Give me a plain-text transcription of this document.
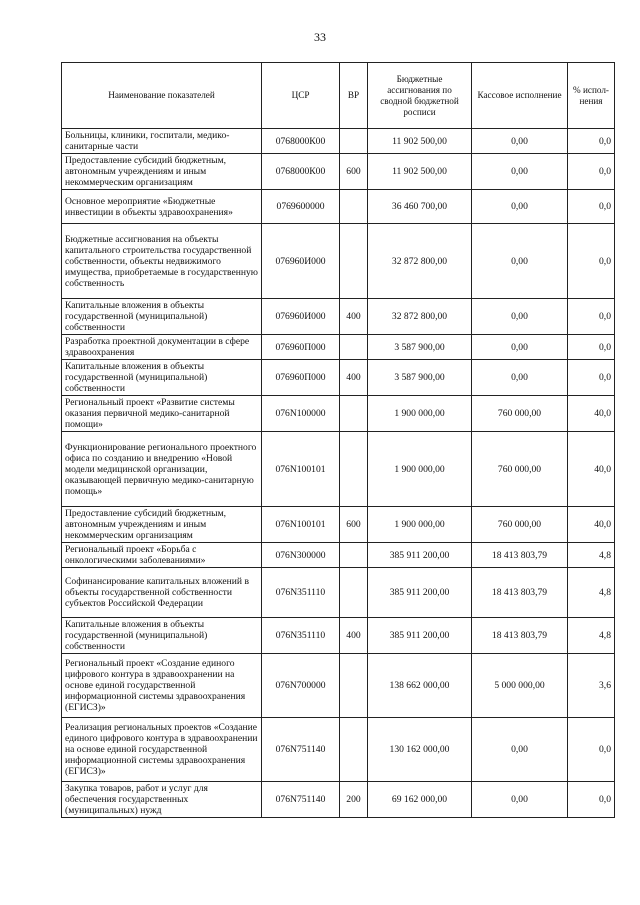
33
Наименование показателей	ЦСР	ВР	Бюджетные ассигнования по сводной бюджетной росписи	Кассовое исполнение	% испол-нения
Больницы, клиники, госпитали, медико-санитарные части	0768000К00		11 902 500,00	0,00	0,0
Предоставление субсидий бюджетным, автономным учреждениям и иным некоммерческим организациям	0768000К00	600	11 902 500,00	0,00	0,0
Основное мероприятие «Бюджетные инвестиции в объекты здравоохранения»	0769600000		36 460 700,00	0,00	0,0
Бюджетные ассигнования на объекты капитального строительства государственной собственности, объекты недвижимого имущества, приобретаемые в государственную собственность	076960И000		32 872 800,00	0,00	0,0
Капитальные вложения в объекты государственной (муниципальной) собственности	076960И000	400	32 872 800,00	0,00	0,0
Разработка проектной документации в сфере здравоохранения	076960П000		3 587 900,00	0,00	0,0
Капитальные вложения в объекты государственной (муниципальной) собственности	076960П000	400	3 587 900,00	0,00	0,0
Региональный проект «Развитие системы оказания первичной медико-санитарной помощи»	076N100000		1 900 000,00	760 000,00	40,0
Функционирование регионального проектного офиса по созданию и внедрению «Новой модели медицинской организации, оказывающей первичную медико-санитарную помощь»	076N100101		1 900 000,00	760 000,00	40,0
Предоставление субсидий бюджетным, автономным учреждениям и иным некоммерческим организациям	076N100101	600	1 900 000,00	760 000,00	40,0
Региональный проект «Борьба с онкологическими заболеваниями»	076N300000		385 911 200,00	18 413 803,79	4,8
Софинансирование капитальных вложений в объекты государственной собственности субъектов Российской Федерации	076N351110		385 911 200,00	18 413 803,79	4,8
Капитальные вложения в объекты государственной (муниципальной) собственности	076N351110	400	385 911 200,00	18 413 803,79	4,8
Региональный проект «Создание единого цифрового контура в здравоохранении на основе единой государственной информационной системы здравоохранения (ЕГИСЗ)»	076N700000		138 662 000,00	5 000 000,00	3,6
Реализация региональных проектов «Создание единого цифрового контура в здравоохранении на основе единой государственной информационной системы здравоохранения (ЕГИСЗ)»	076N751140		130 162 000,00	0,00	0,0
Закупка товаров, работ и услуг для обеспечения государственных (муниципальных) нужд	076N751140	200	69 162 000,00	0,00	0,0
